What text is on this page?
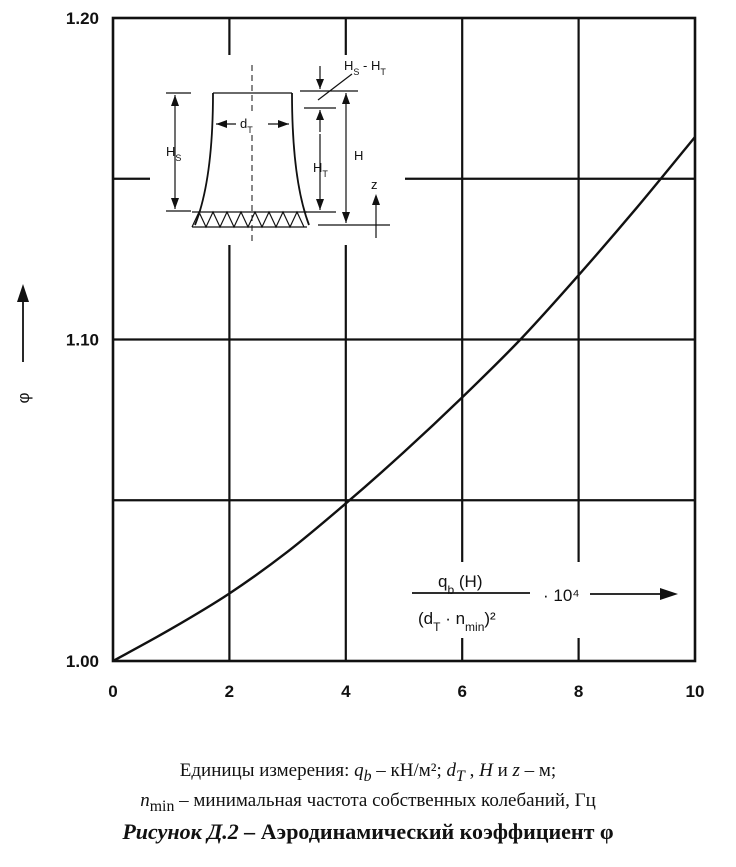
$H_S$
$d_T$
$H_S - H_T$
$H_T$
H
z
$q_b$ (H)
$(d_T \cdot n_{min})^2$
· 10⁴
φ
0	2	4	6	8	10
1.00
1.10
1.20
Единицы измерения: $q_b - кН/м^2$; $d_T$ , H и z – м;
$n_{min}$ – минимальная частота собственных колебаний, Гц
Рисунок Д.2 – Аэродинамический коэффициент φ
